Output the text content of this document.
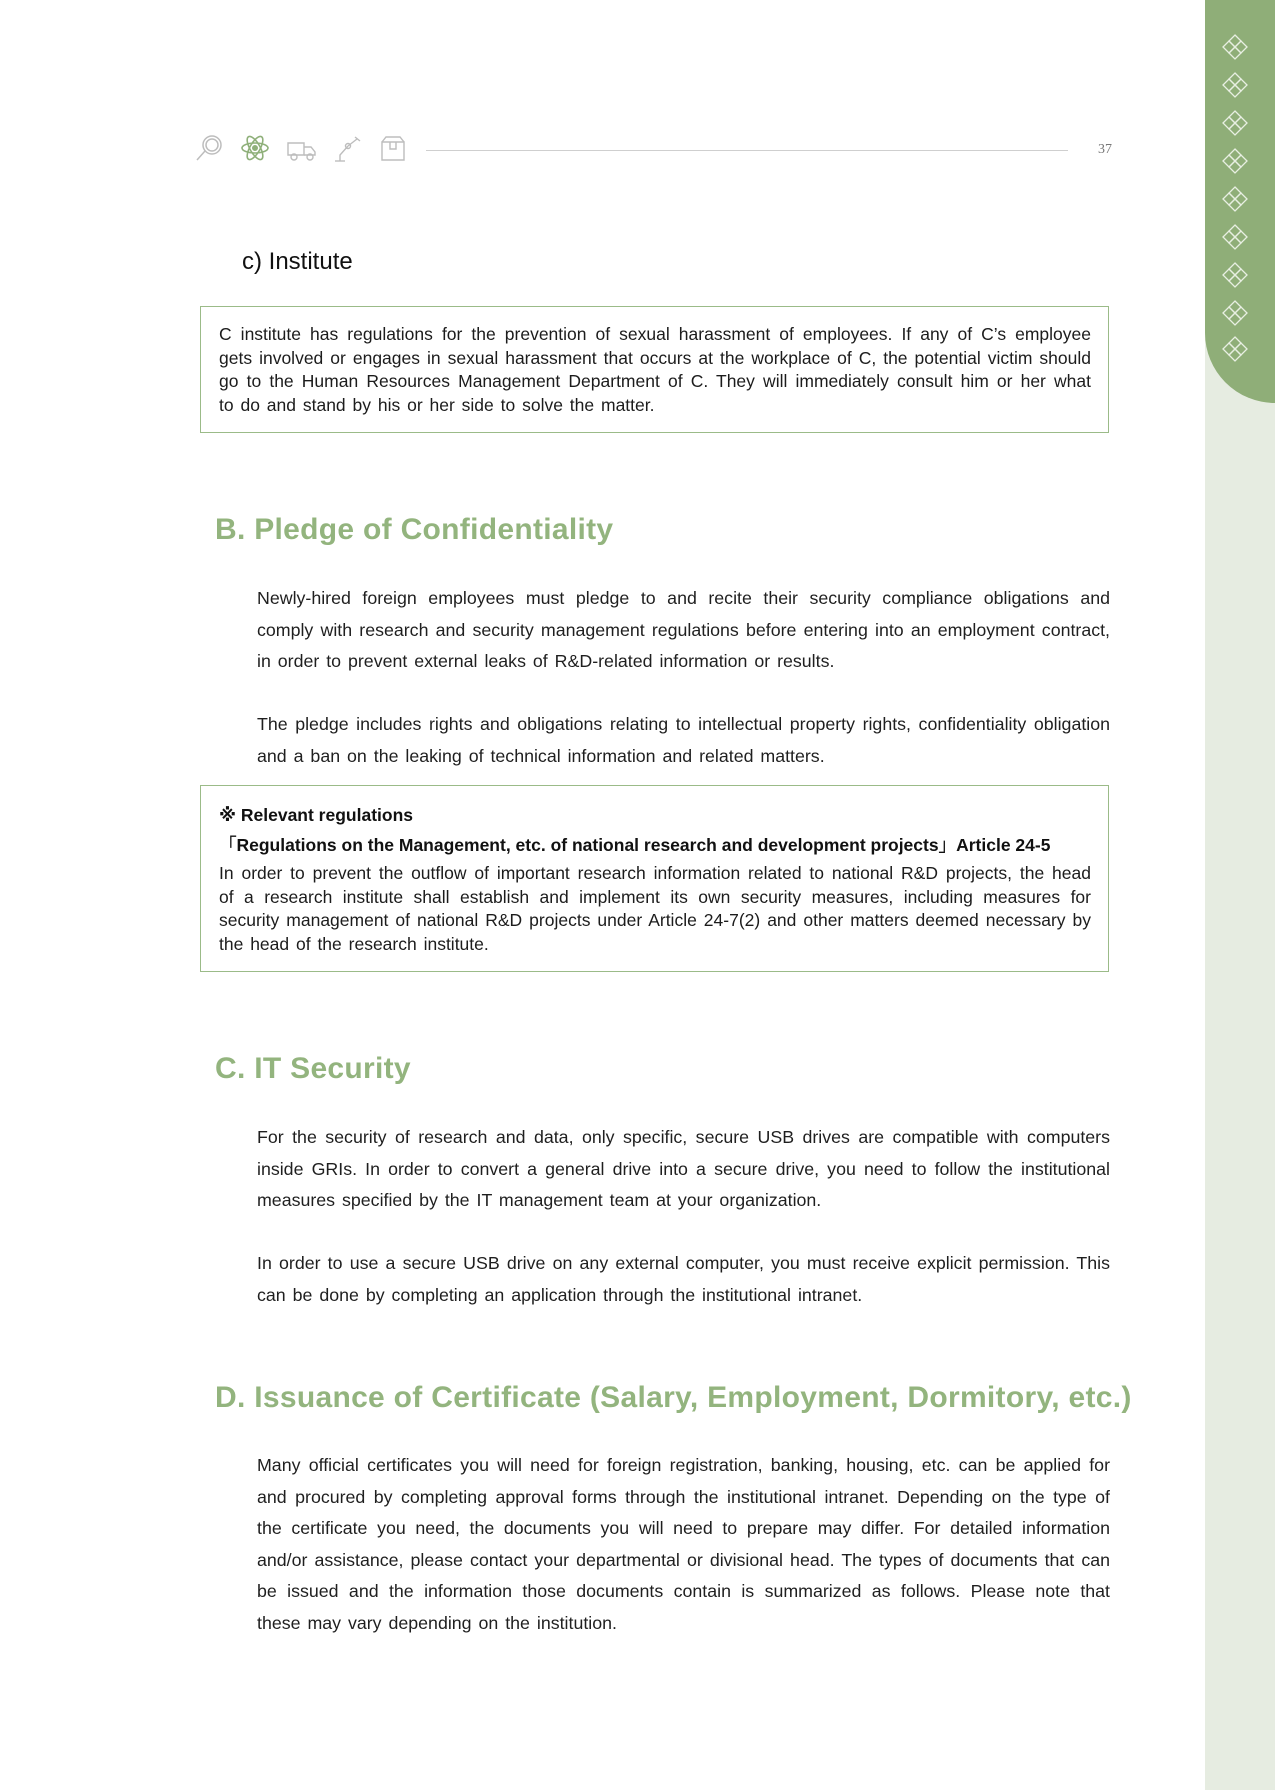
37
c) Institute

C institute has regulations for the prevention of sexual harassment of employees. If any of C’s employee gets involved or engages in sexual harassment that occurs at the workplace of C, the potential victim should go to the Human Resources Management Department of C. They will immediately consult him or her what to do and stand by his or her side to solve the matter.

B. Pledge of Confidentiality

Newly-hired foreign employees must pledge to and recite their security compliance obligations and comply with research and security management regulations before entering into an employment contract, in order to prevent external leaks of R&D-related information or results.

The pledge includes rights and obligations relating to intellectual property rights, confidentiality obligation and a ban on the leaking of technical information and related matters.

※ Relevant regulations
「Regulations on the Management, etc. of national research and development projects」Article 24-5

In order to prevent the outflow of important research information related to national R&D projects, the head of a research institute shall establish and implement its own security measures, including measures for security management of national R&D projects under Article 24-7(2) and other matters deemed necessary by the head of the research institute.

C. IT Security

For the security of research and data, only specific, secure USB drives are compatible with computers inside GRIs. In order to convert a general drive into a secure drive, you need to follow the institutional measures specified by the IT management team at your organization.

In order to use a secure USB drive on any external computer, you must receive explicit permission. This can be done by completing an application through the institutional intranet.

D. Issuance of Certificate (Salary, Employment, Dormitory, etc.)

Many official certificates you will need for foreign registration, banking, housing, etc. can be applied for and procured by completing approval forms through the institutional intranet. Depending on the type of the certificate you need, the documents you will need to prepare may differ. For detailed information and/or assistance, please contact your departmental or divisional head. The types of documents that can be issued and the information those documents contain is summarized as follows. Please note that these may vary depending on the institution.
